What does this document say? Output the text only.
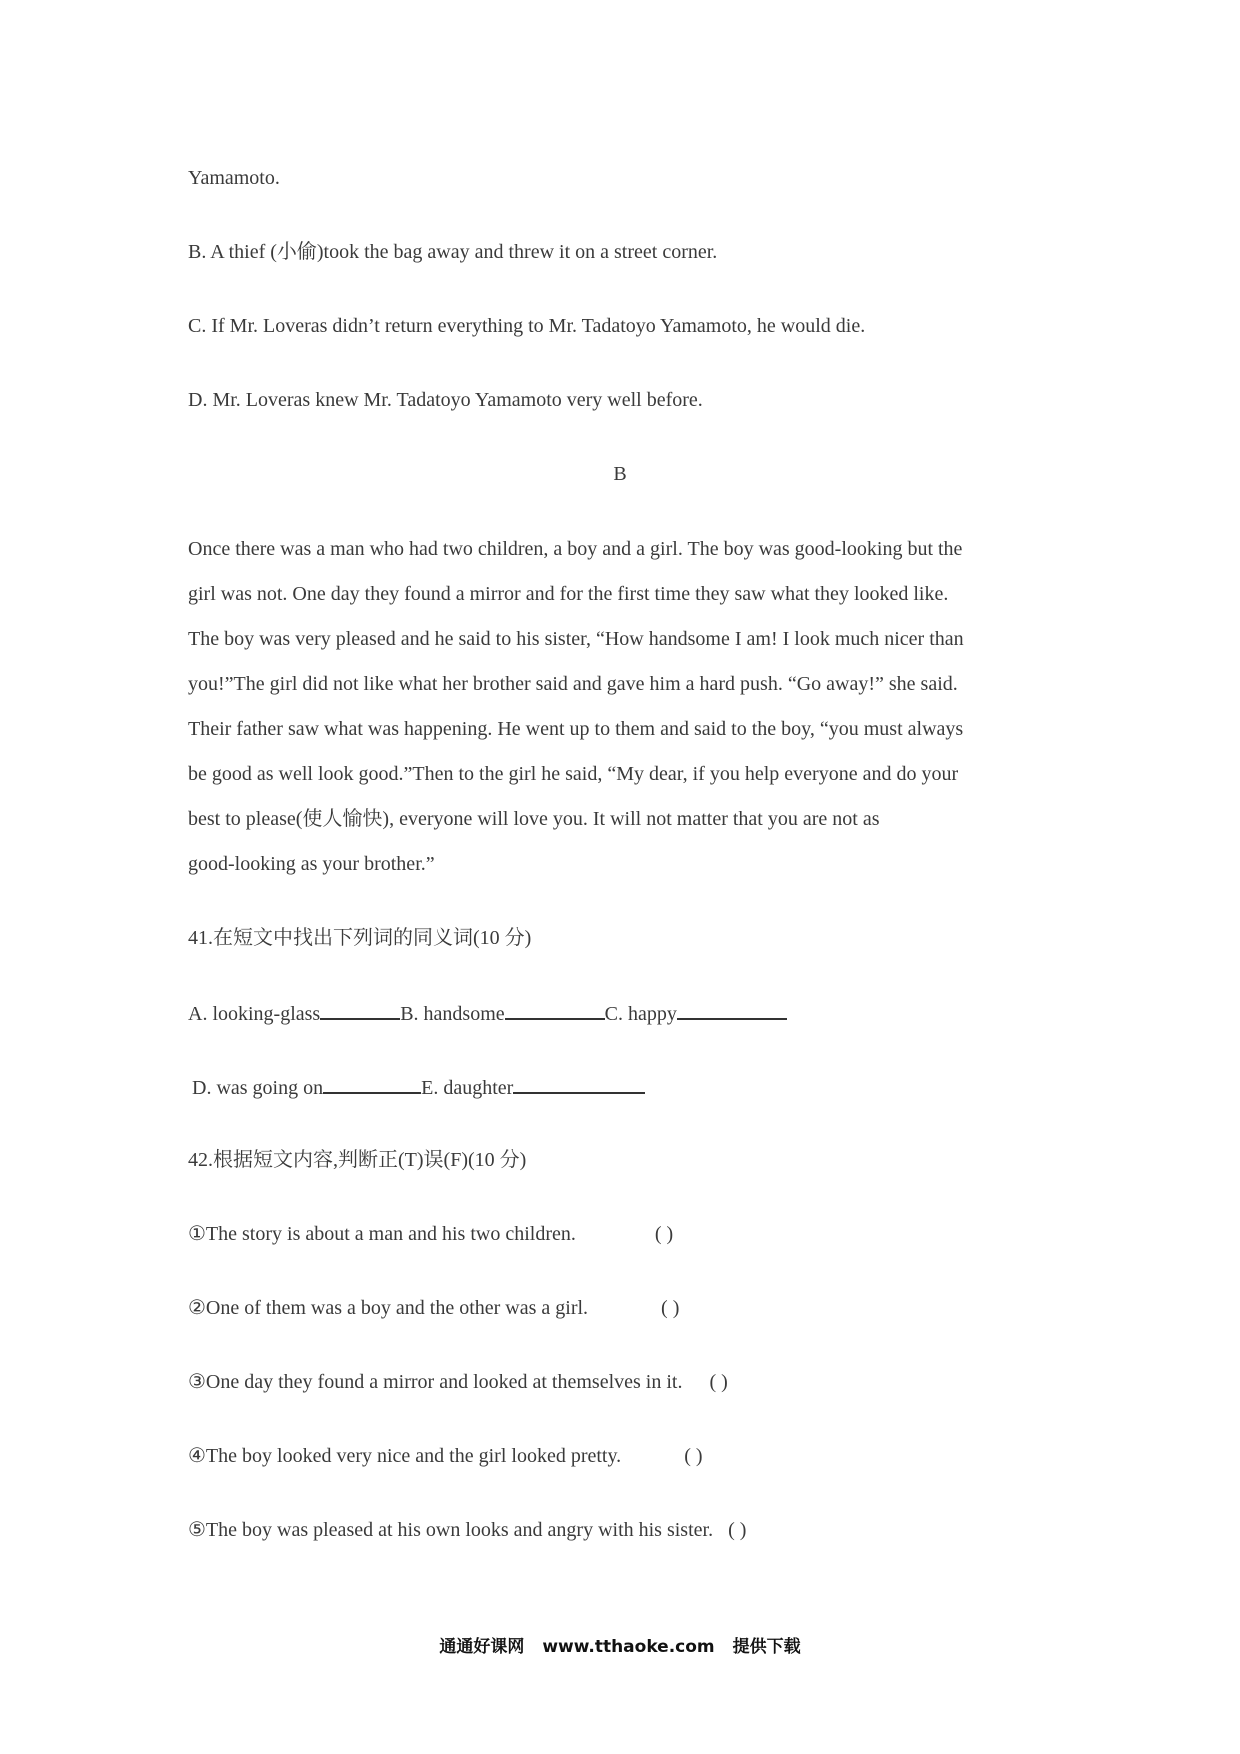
Yamamoto.
B. A thief (小偷)took the bag away and threw it on a street corner.
C. If Mr. Loveras didn’t return everything to Mr. Tadatoyo Yamamoto, he would die.
D. Mr. Loveras knew Mr. Tadatoyo Yamamoto very well before.
B
Once there was a man who had two children, a boy and a girl. The boy was good-looking but the
girl was not. One day they found a mirror and for the first time they saw what they looked like.
The boy was very pleased and he said to his sister, “How handsome I am! I look much nicer than
you!”The girl did not like what her brother said and gave him a hard push. “Go away!” she said.
Their father saw what was happening. He went up to them and said to the boy, “you must always
be good as well look good.”Then to the girl he said, “My dear, if you help everyone and do your
best to please(使人愉快), everyone will love you. It will not matter that you are not as
good-looking as your brother.”
41.在短文中找出下列词的同义词(10 分)
A. looking-glass	B. handsome	C. happy
D. was going on	E. daughter
42.根据短文内容,判断正(T)误(F)(10 分)
①The story is about a man and his two children.	( )
②One of them was a boy and the other was a girl.	( )
③One day they found a mirror and looked at themselves in it. ( )
④The boy looked very nice and the girl looked pretty.	( )
⑤The boy was pleased at his own looks and angry with his sister. ( )
通通好课网 www.tthaoke.com 提供下载
